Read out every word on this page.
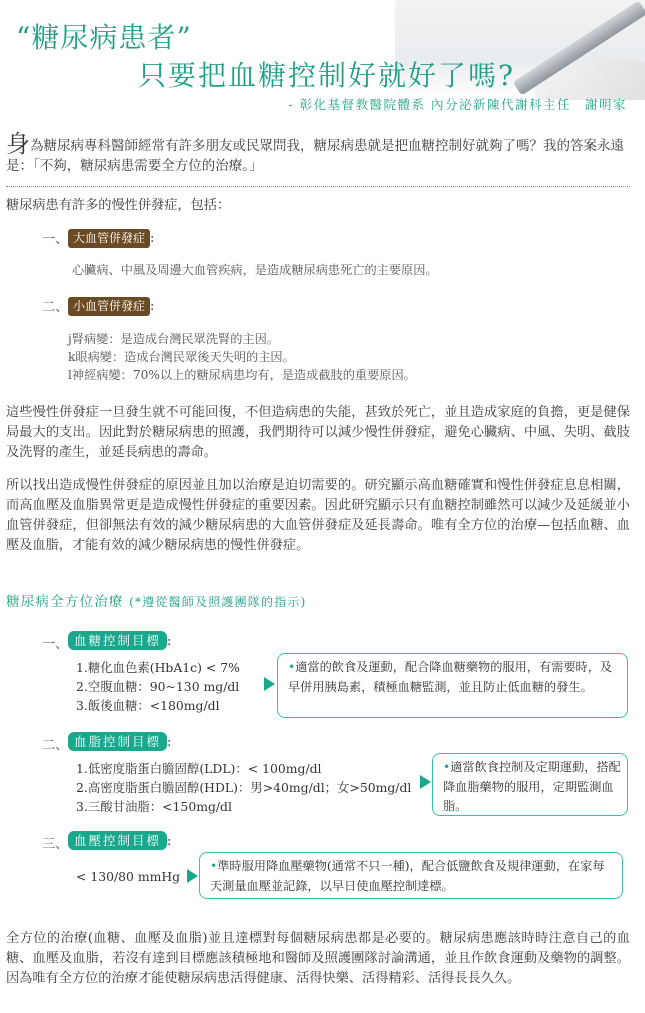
“糖尿病患者”
只要把血糖控制好就好了嗎?
- 彰化基督教醫院體系 內分泌新陳代謝科主任　謝明家
身為糖尿病專科醫師經常有許多朋友或民眾問我，糖尿病患就是把血糖控制好就夠了嗎？我的答案永遠是：「不夠，糖尿病患需要全方位的治療。」
糖尿病患有許多的慢性併發症，包括：
一、 大血管併發症 :
心臟病、中風及周邊大血管疾病，是造成糖尿病患死亡的主要原因。
二、 小血管併發症 :
j腎病變：是造成台灣民眾洗腎的主因。
k眼病變：造成台灣民眾後天失明的主因。
l神經病變：70%以上的糖尿病患均有，是造成截肢的重要原因。
這些慢性併發症一旦發生就不可能回復，不但造病患的失能，甚致於死亡，並且造成家庭的負擔，更是健保局最大的支出。因此對於糖尿病患的照護，我們期待可以減少慢性併發症，避免心臟病、中風、失明、截肢及洗腎的產生，並延長病患的壽命。
所以找出造成慢性併發症的原因並且加以治療是迫切需要的。研究顯示高血糖確實和慢性併發症息息相關，而高血壓及血脂異常更是造成慢性併發症的重要因素。因此研究顯示只有血糖控制雖然可以減少及延緩並小血管併發症，但卻無法有效的減少糖尿病患的大血管併發症及延長壽命。唯有全方位的治療—包括血糖、血壓及血脂，才能有效的減少糖尿病患的慢性併發症。
糖尿病全方位治療 (*遵從醫師及照護團隊的指示)
一、 血糖控制目標 :
1.糖化血色素(HbA1c) < 7%
2.空腹血糖：90~130 mg/dl
3.飯後血糖：<180mg/dl
•適當的飲食及運動，配合降血糖藥物的服用，有需要時，及早併用胰島素，積極血糖監測，並且防止低血糖的發生。
二、 血脂控制目標 :
1.低密度脂蛋白膽固醇(LDL)：< 100mg/dl
2.高密度脂蛋白膽固醇(HDL)：男>40mg/dl；女>50mg/dl
3.三酸甘油脂：<150mg/dl
•適當飲食控制及定期運動，搭配降血脂藥物的服用，定期監測血脂。
三、 血壓控制目標 :
< 130/80 mmHg
•準時服用降血壓藥物(通常不只一種)，配合低鹽飲食及規律運動，在家每天測量血壓並記錄，以早日使血壓控制達標。
全方位的治療(血糖、血壓及血脂)並且達標對每個糖尿病患都是必要的。糖尿病患應該時時注意自己的血糖、血壓及血脂，若沒有達到目標應該積極地和醫師及照護團隊討論溝通，並且作飲食運動及藥物的調整。因為唯有全方位的治療才能使糖尿病患活得健康、活得快樂、活得精彩、活得長長久久。
